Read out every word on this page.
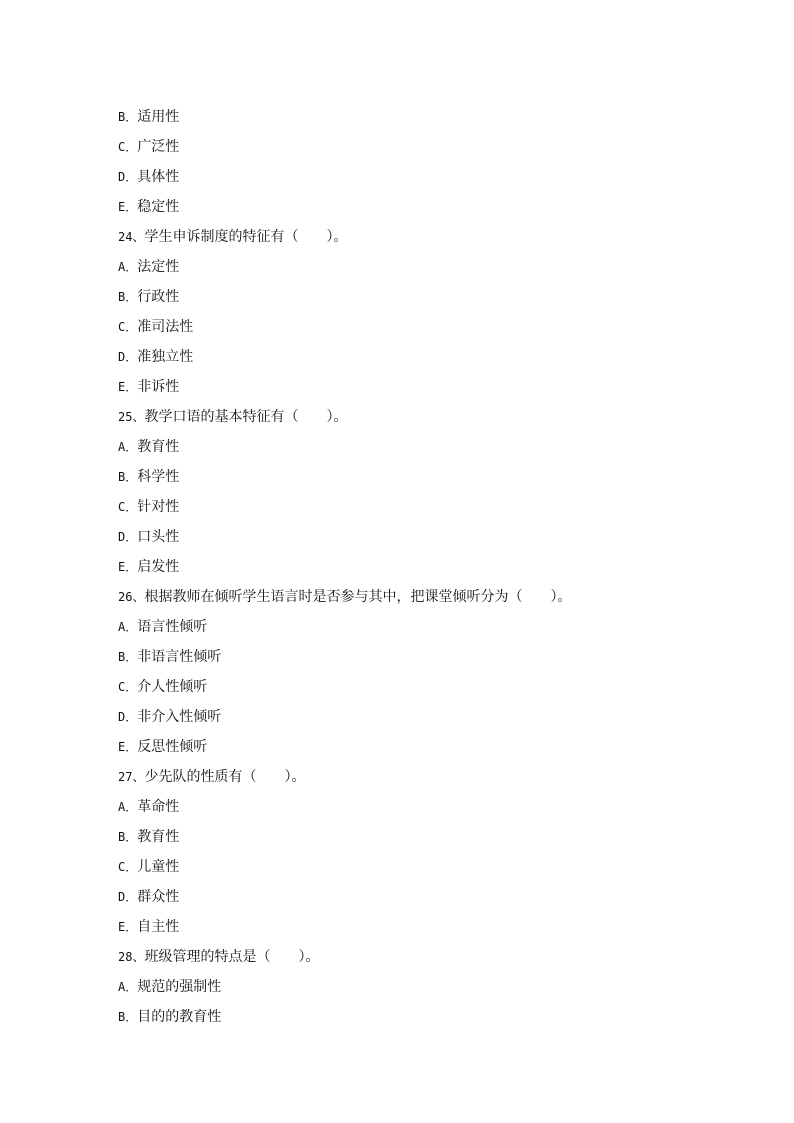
B．适用性
C．广泛性
D．具体性
E．稳定性
24、学生申诉制度的特征有（　　）。
A．法定性
B．行政性
C．准司法性
D．准独立性
E．非诉性
25、教学口语的基本特征有（　　）。
A．教育性
B．科学性
C．针对性
D．口头性
E．启发性
26、根据教师在倾听学生语言时是否参与其中，把课堂倾听分为（　　）。
A．语言性倾听
B．非语言性倾听
C．介人性倾听
D．非介入性倾听
E．反思性倾听
27、少先队的性质有（　　）。
A．革命性
B．教育性
C．儿童性
D．群众性
E．自主性
28、班级管理的特点是（　　）。
A．规范的强制性
B．目的的教育性
